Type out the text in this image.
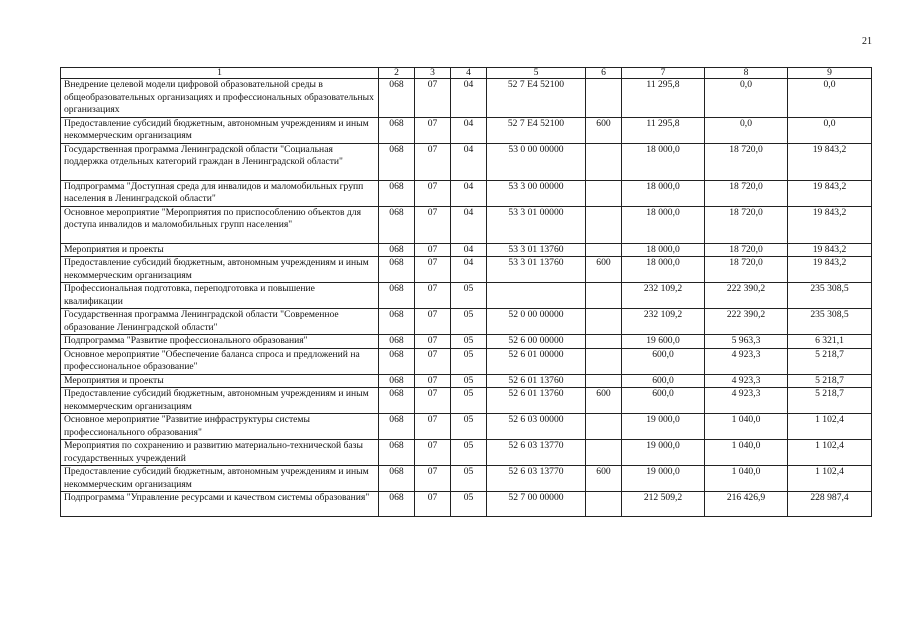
21
1	2	3	4	5	6	7	8	9
Внедрение целевой модели цифровой образовательной среды в общеобразовательных организациях и профессиональных образовательных организациях	068	07	04	52 7 E4 52100		11 295,8	0,0	0,0
Предоставление субсидий бюджетным, автономным учреждениям и иным некоммерческим организациям	068	07	04	52 7 E4 52100	600	11 295,8	0,0	0,0
Государственная программа Ленинградской области "Социальная поддержка отдельных категорий граждан в Ленинградской области"	068	07	04	53 0 00 00000		18 000,0	18 720,0	19 843,2
Подпрограмма "Доступная среда для инвалидов и маломобильных групп населения в Ленинградской области"	068	07	04	53 3 00 00000		18 000,0	18 720,0	19 843,2
Основное мероприятие "Мероприятия по приспособлению объектов для доступа инвалидов и маломобильных групп населения"	068	07	04	53 3 01 00000		18 000,0	18 720,0	19 843,2
Мероприятия и проекты	068	07	04	53 3 01 13760		18 000,0	18 720,0	19 843,2
Предоставление субсидий бюджетным, автономным учреждениям и иным некоммерческим организациям	068	07	04	53 3 01 13760	600	18 000,0	18 720,0	19 843,2
Профессиональная подготовка, переподготовка и повышение квалификации	068	07	05			232 109,2	222 390,2	235 308,5
Государственная программа Ленинградской области "Современное образование Ленинградской области"	068	07	05	52 0 00 00000		232 109,2	222 390,2	235 308,5
Подпрограмма "Развитие профессионального образования"	068	07	05	52 6 00 00000		19 600,0	5 963,3	6 321,1
Основное мероприятие "Обеспечение баланса спроса и предложений на профессиональное образование"	068	07	05	52 6 01 00000		600,0	4 923,3	5 218,7
Мероприятия и проекты	068	07	05	52 6 01 13760		600,0	4 923,3	5 218,7
Предоставление субсидий бюджетным, автономным учреждениям и иным некоммерческим организациям	068	07	05	52 6 01 13760	600	600,0	4 923,3	5 218,7
Основное мероприятие "Развитие инфраструктуры системы профессионального образования"	068	07	05	52 6 03 00000		19 000,0	1 040,0	1 102,4
Мероприятия по сохранению и развитию материально-технической базы государственных учреждений	068	07	05	52 6 03 13770		19 000,0	1 040,0	1 102,4
Предоставление субсидий бюджетным, автономным учреждениям и иным некоммерческим организациям	068	07	05	52 6 03 13770	600	19 000,0	1 040,0	1 102,4
Подпрограмма "Управление ресурсами и качеством системы образования"	068	07	05	52 7 00 00000		212 509,2	216 426,9	228 987,4
